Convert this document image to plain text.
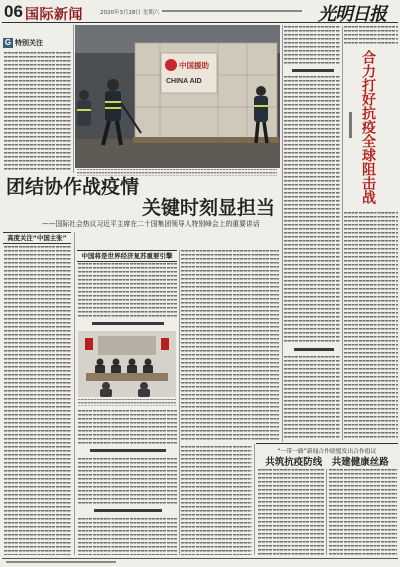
06 国际新闻	2020年3月28日 星期六	光明日报
G 特别关注
中国援助
CHINA AID
团结协作战疫情
关键时刻显担当
——国际社会热议习近平主席在二十国集团领导人特别峰会上的重要讲话
高度关注“中国主张”
中国将是世界经济复苏重要引擎
合力打好抗疫全球阻击战
“一带一路”新闻合作联盟发出合作倡议
共筑抗疫防线　共建健康丝路
